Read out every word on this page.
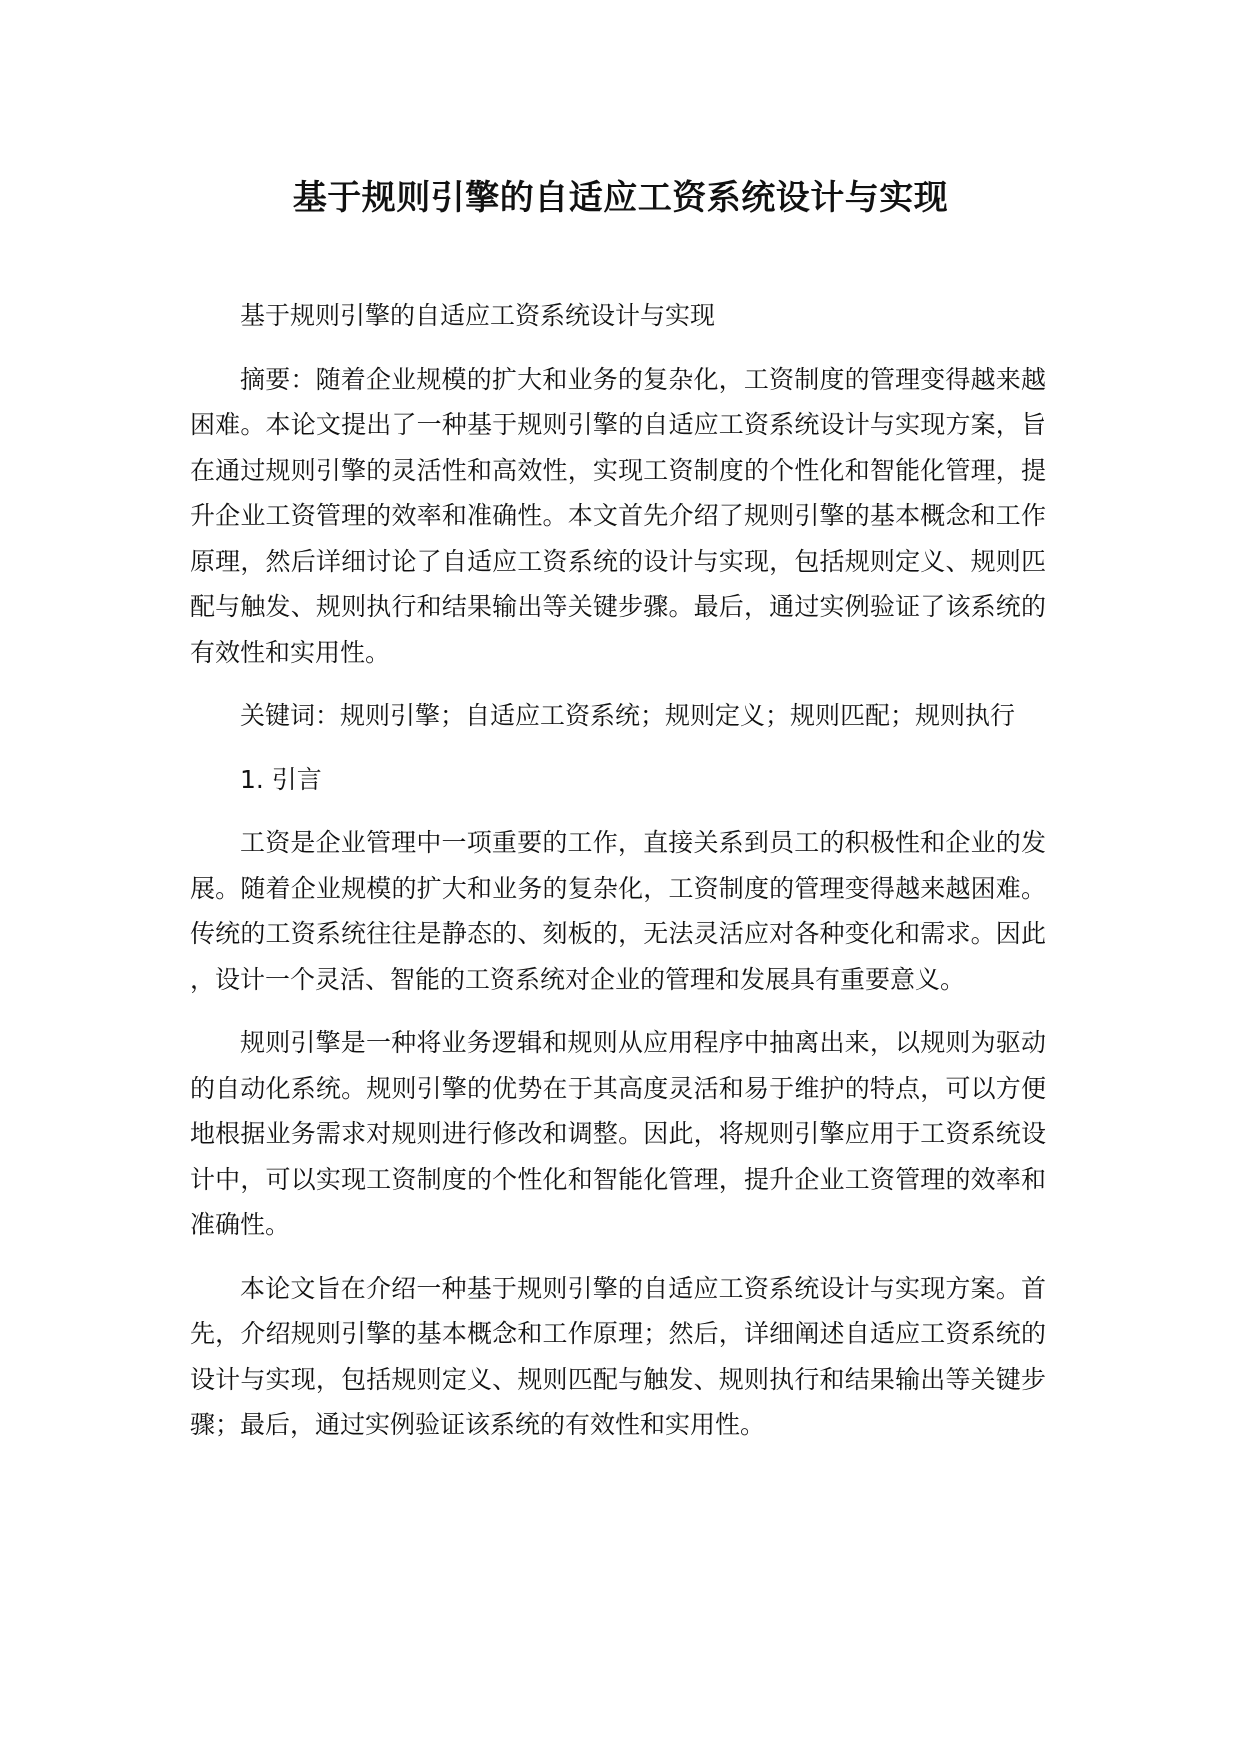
基于规则引擎的自适应工资系统设计与实现

基于规则引擎的自适应工资系统设计与实现

摘要：随着企业规模的扩大和业务的复杂化，工资制度的管理变得越来越困难。本论文提出了一种基于规则引擎的自适应工资系统设计与实现方案，旨在通过规则引擎的灵活性和高效性，实现工资制度的个性化和智能化管理，提升企业工资管理的效率和准确性。本文首先介绍了规则引擎的基本概念和工作原理，然后详细讨论了自适应工资系统的设计与实现，包括规则定义、规则匹配与触发、规则执行和结果输出等关键步骤。最后，通过实例验证了该系统的有效性和实用性。

关键词：规则引擎；自适应工资系统；规则定义；规则匹配；规则执行

1. 引言

工资是企业管理中一项重要的工作，直接关系到员工的积极性和企业的发展。随着企业规模的扩大和业务的复杂化，工资制度的管理变得越来越困难。传统的工资系统往往是静态的、刻板的，无法灵活应对各种变化和需求。因此，设计一个灵活、智能的工资系统对企业的管理和发展具有重要意义。

规则引擎是一种将业务逻辑和规则从应用程序中抽离出来，以规则为驱动的自动化系统。规则引擎的优势在于其高度灵活和易于维护的特点，可以方便地根据业务需求对规则进行修改和调整。因此，将规则引擎应用于工资系统设计中，可以实现工资制度的个性化和智能化管理，提升企业工资管理的效率和准确性。

本论文旨在介绍一种基于规则引擎的自适应工资系统设计与实现方案。首先，介绍规则引擎的基本概念和工作原理；然后，详细阐述自适应工资系统的设计与实现，包括规则定义、规则匹配与触发、规则执行和结果输出等关键步骤；最后，通过实例验证该系统的有效性和实用性。
